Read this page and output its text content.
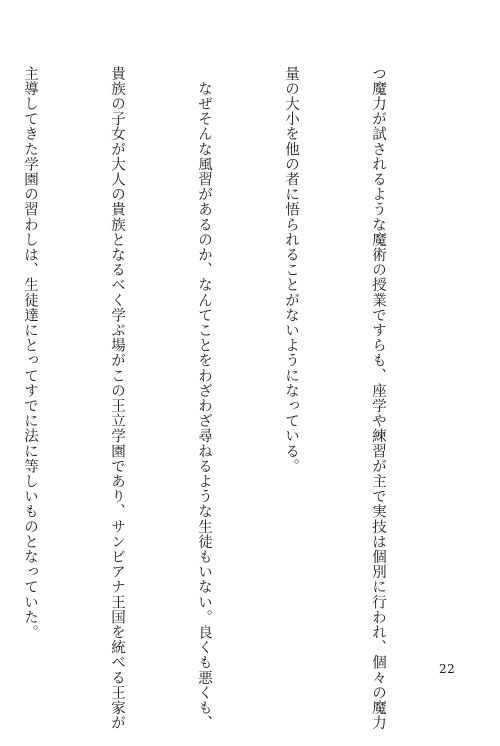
つ魔力が試されるような魔術の授業ですらも、座学や練習が主で実技は個別に行われ、個々の魔力

量の大小を他の者に悟られることがないようになっている。

　なぜそんな風習があるのか、なんてことをわざわざ尋ねるような生徒もいない。良くも悪くも、

貴族の子女が大人の貴族となるべく学ぶ場がこの王立学園であり、サンビアナ王国を統べる王家が

主導してきた学園の習わしは、生徒達にとってすでに法に等しいものとなっていた。

22
